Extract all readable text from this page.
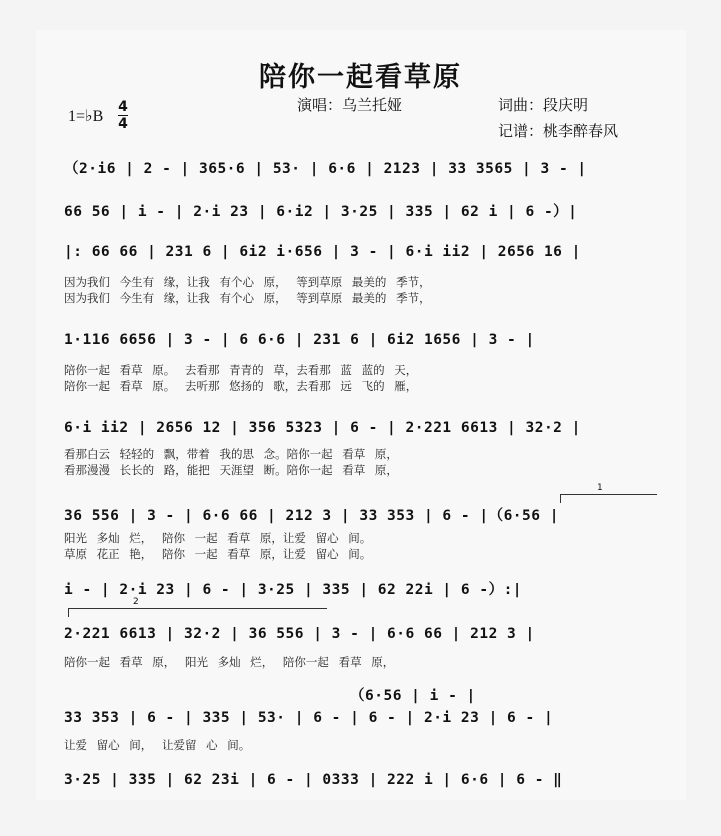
陪你一起看草原
演唱：乌兰托娅	词曲：段庆明
记谱：桃李醉春风
1=♭B
4
4
（2·i6 | 2 - | 365·6 | 53· | 6·6 | 2123 | 33 3565 | 3 - |
66 56 | i - | 2·i 23 | 6·i2 | 3·25 | 335 | 62 i | 6 -）|
|: 66 66 | 231 6 | 6i2 i·656 | 3 - | 6·i ii2 | 2656 16 |
因为我们 今生有 缘，让我 有个心 原， 等到草原 最美的 季节，
因为我们 今生有 缘，让我 有个心 原， 等到草原 最美的 季节，
1·116 6656 | 3 - | 6 6·6 | 231 6 | 6i2 1656 | 3 - |
陪你一起 看草 原。 去看那 青青的 草，去看那 蓝 蓝的 天，
陪你一起 看草 原。 去听那 悠扬的 歌，去看那 远 飞的 雁，
6·i ii2 | 2656 12 | 356 5323 | 6 - | 2·221 6613 | 32·2 |
看那白云 轻轻的 飘，带着 我的思 念。陪你一起 看草 原，
看那漫漫 长长的 路，能把 天涯望 断。陪你一起 看草 原，
1
36 556 | 3 - | 6·6 66 | 212 3 | 33 353 | 6 - |（6·56 |
阳光 多灿 烂， 陪你 一起 看草 原，让爱 留心 间。
草原 花正 艳， 陪你 一起 看草 原，让爱 留心 间。
i - | 2·i 23 | 6 - | 3·25 | 335 | 62 22i | 6 -）:|
2
2·221 6613 | 32·2 | 36 556 | 3 - | 6·6 66 | 212 3 |
陪你一起 看草 原， 阳光 多灿 烂， 陪你一起 看草 原，
（6·56 | i - |
33 353 | 6 - | 335 | 53· | 6 - | 6 - | 2·i 23 | 6 - |
让爱 留心 间， 让爱留 心 间。
3·25 | 335 | 62 23i | 6 - | 0333 | 222 i | 6·6 | 6 - ‖
